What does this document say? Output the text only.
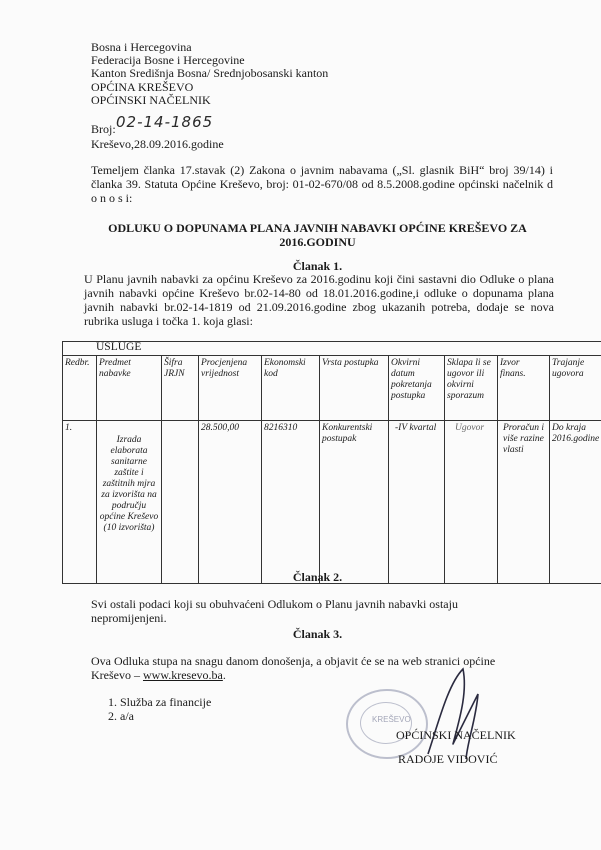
Bosna i Hercegovina
Federacija Bosne i Hercegovine
Kanton Središnja Bosna/ Srednjobosanski kanton
OPĆINA KREŠEVO
OPĆINSKI NAČELNIK
Broj: 02-14-1865
Kreševo,28.09.2016.godine
Temeljem članka 17.stavak (2) Zakona o javnim nabavama („Sl. glasnik BiH“ broj 39/14) i članka 39. Statuta Općine Kreševo, broj: 01-02-670/08 od 8.5.2008.godine općinski načelnik d o n o s i:
ODLUKU O DOPUNAMA PLANA JAVNIH NABAVKI OPĆINE KREŠEVO ZA
2016.GODINU
Članak 1.
U Planu javnih nabavki za općinu Kreševo za 2016.godinu koji čini sastavni dio Odluke o plana javnih nabavki općine Kreševo br.02-14-80 od 18.01.2016.godine,i odluke o dopunama plana javnih nabavki br.02-14-1819 od 21.09.2016.godine zbog ukazanih potreba, dodaje se nova rubrika usluga i točka 1. koja glasi:
USLUGE									
Redbr.	Predmet nabavke	Šifra JRJN	Procjenjena vrijednost	Ekonomski kod	Vrsta postupka	Okvirni datum pokretanja postupka	Sklapa li se ugovor ili okvirni sporazum	Izvor finans.	Trajanje ugovora
1.	Izrada elaborata sanitarne zaštite i zaštitnih mjra za izvorišta na području općine Kreševo (10 izvorišta)		28.500,00	8216310	Konkurentski postupak	-IV kvartal	Ugovor	Proračun i više razine vlasti	Do kraja 2016.godine
Članak 2.
Svi ostali podaci koji su obuhvaćeni Odlukom o Planu javnih nabavki ostaju nepromijenjeni.
Članak 3.
Ova Odluka stupa na snagu danom donošenja, a objavit će se na web stranici općine
Kreševo – www.kresevo.ba.
1. Služba za financije
2. a/a	KREŠEVO
OPĆINSKI NAČELNIK
RADOJE VIDOVIĆ
